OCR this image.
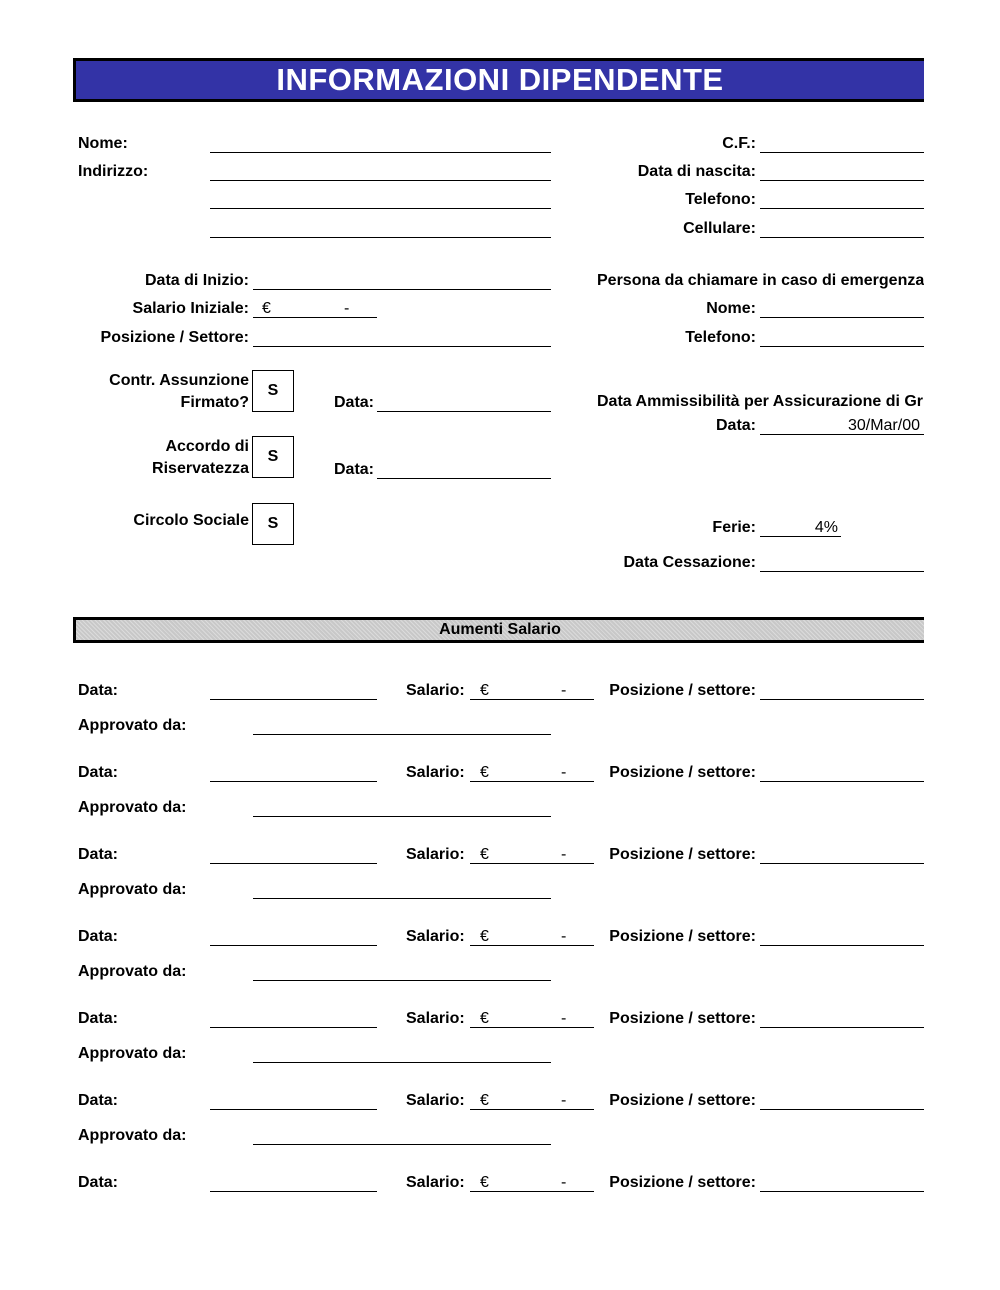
INFORMAZIONI DIPENDENTE
Nome:
Indirizzo:
C.F.:
Data di nascita:
Telefono:
Cellulare:
Data di Inizio:
Salario Iniziale: €	-
Posizione / Settore:
Persona da chiamare in caso di emergenza
Nome:
Telefono:
Contr. Assunzione
Firmato?
S
Data:
Accordo di
Riservatezza
S
Data:
Circolo Sociale	S
Data Ammissibilità per Assicurazione di Gr
Data:	30/Mar/00
Ferie:	4%
Data Cessazione:
Aumenti Salario
Data:	Salario: €	-	Posizione / settore:
Approvato da:
Data:	Salario: €	-	Posizione / settore:
Approvato da:
Data:	Salario: €	-	Posizione / settore:
Approvato da:
Data:	Salario: €	-	Posizione / settore:
Approvato da:
Data:	Salario: €	-	Posizione / settore:
Approvato da:
Data:	Salario: €	-	Posizione / settore:
Approvato da:
Data:	Salario: €	-	Posizione / settore:
